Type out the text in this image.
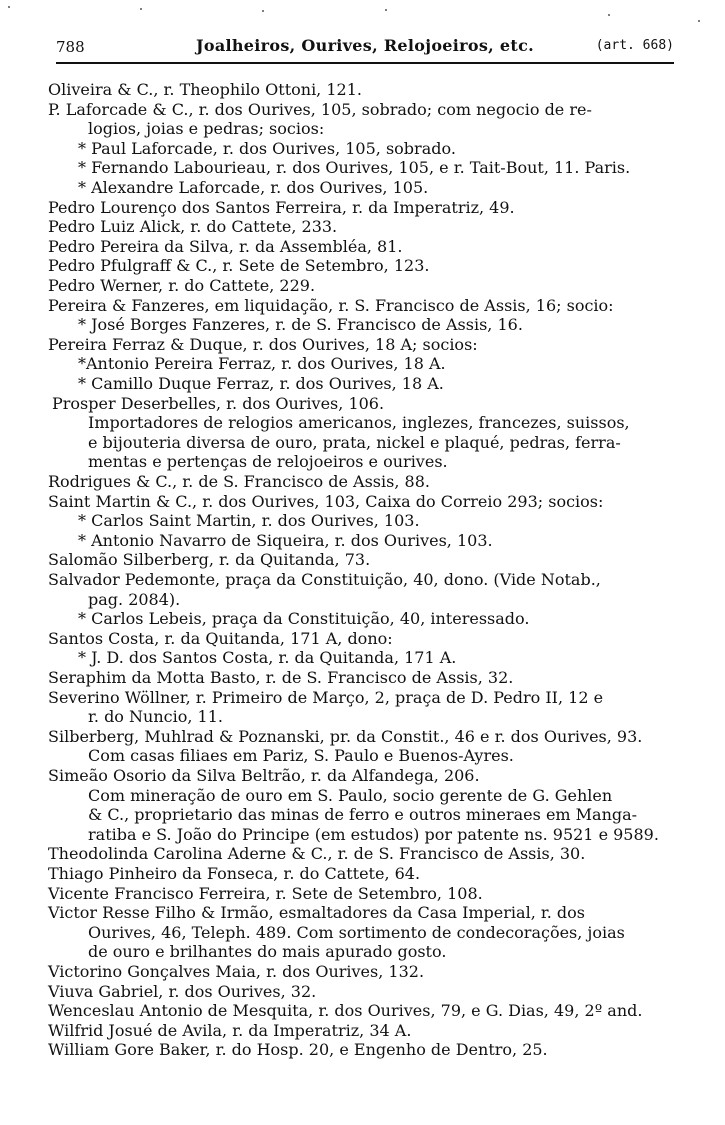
788	Joalheiros, Ourives, Relojoeiros, etc.	(art. 668)
Oliveira & C., r. Theophilo Ottoni, 121.
P. Laforcade & C., r. dos Ourives, 105, sobrado; com negocio de re-
logios, joias e pedras; socios:
* Paul Laforcade, r. dos Ourives, 105, sobrado.
* Fernando Labourieau, r. dos Ourives, 105, e r. Tait-Bout, 11. Paris.
* Alexandre Laforcade, r. dos Ourives, 105.
Pedro Lourenço dos Santos Ferreira, r. da Imperatriz, 49.
Pedro Luiz Alick, r. do Cattete, 233.
Pedro Pereira da Silva, r. da Assembléa, 81.
Pedro Pfulgraff & C., r. Sete de Setembro, 123.
Pedro Werner, r. do Cattete, 229.
Pereira & Fanzeres, em liquidação, r. S. Francisco de Assis, 16; socio:
* José Borges Fanzeres, r. de S. Francisco de Assis, 16.
Pereira Ferraz & Duque, r. dos Ourives, 18 A; socios:
*Antonio Pereira Ferraz, r. dos Ourives, 18 A.
* Camillo Duque Ferraz, r. dos Ourives, 18 A.
Prosper Deserbelles, r. dos Ourives, 106.
Importadores de relogios americanos, inglezes, francezes, suissos,
e bijouteria diversa de ouro, prata, nickel e plaqué, pedras, ferra-
mentas e pertenças de relojoeiros e ourives.
Rodrigues & C., r. de S. Francisco de Assis, 88.
Saint Martin & C., r. dos Ourives, 103, Caixa do Correio 293; socios:
* Carlos Saint Martin, r. dos Ourives, 103.
* Antonio Navarro de Siqueira, r. dos Ourives, 103.
Salomão Silberberg, r. da Quitanda, 73.
Salvador Pedemonte, praça da Constituição, 40, dono. (Vide Notab.,
pag. 2084).
* Carlos Lebeis, praça da Constituição, 40, interessado.
Santos Costa, r. da Quitanda, 171 A, dono:
* J. D. dos Santos Costa, r. da Quitanda, 171 A.
Seraphim da Motta Basto, r. de S. Francisco de Assis, 32.
Severino Wöllner, r. Primeiro de Março, 2, praça de D. Pedro II, 12 e
r. do Nuncio, 11.
Silberberg, Muhlrad & Poznanski, pr. da Constit., 46 e r. dos Ourives, 93.
Com casas filiaes em Pariz, S. Paulo e Buenos-Ayres.
Simeão Osorio da Silva Beltrão, r. da Alfandega, 206.
Com mineração de ouro em S. Paulo, socio gerente de G. Gehlen
& C., proprietario das minas de ferro e outros mineraes em Manga-
ratiba e S. João do Principe (em estudos) por patente ns. 9521 e 9589.
Theodolinda Carolina Aderne & C., r. de S. Francisco de Assis, 30.
Thiago Pinheiro da Fonseca, r. do Cattete, 64.
Vicente Francisco Ferreira, r. Sete de Setembro, 108.
Victor Resse Filho & Irmão, esmaltadores da Casa Imperial, r. dos
Ourives, 46, Teleph. 489. Com sortimento de condecorações, joias
de ouro e brilhantes do mais apurado gosto.
Victorino Gonçalves Maia, r. dos Ourives, 132.
Viuva Gabriel, r. dos Ourives, 32.
Wenceslau Antonio de Mesquita, r. dos Ourives, 79, e G. Dias, 49, 2º and.
Wilfrid Josué de Avila, r. da Imperatriz, 34 A.
William Gore Baker, r. do Hosp. 20, e Engenho de Dentro, 25.
